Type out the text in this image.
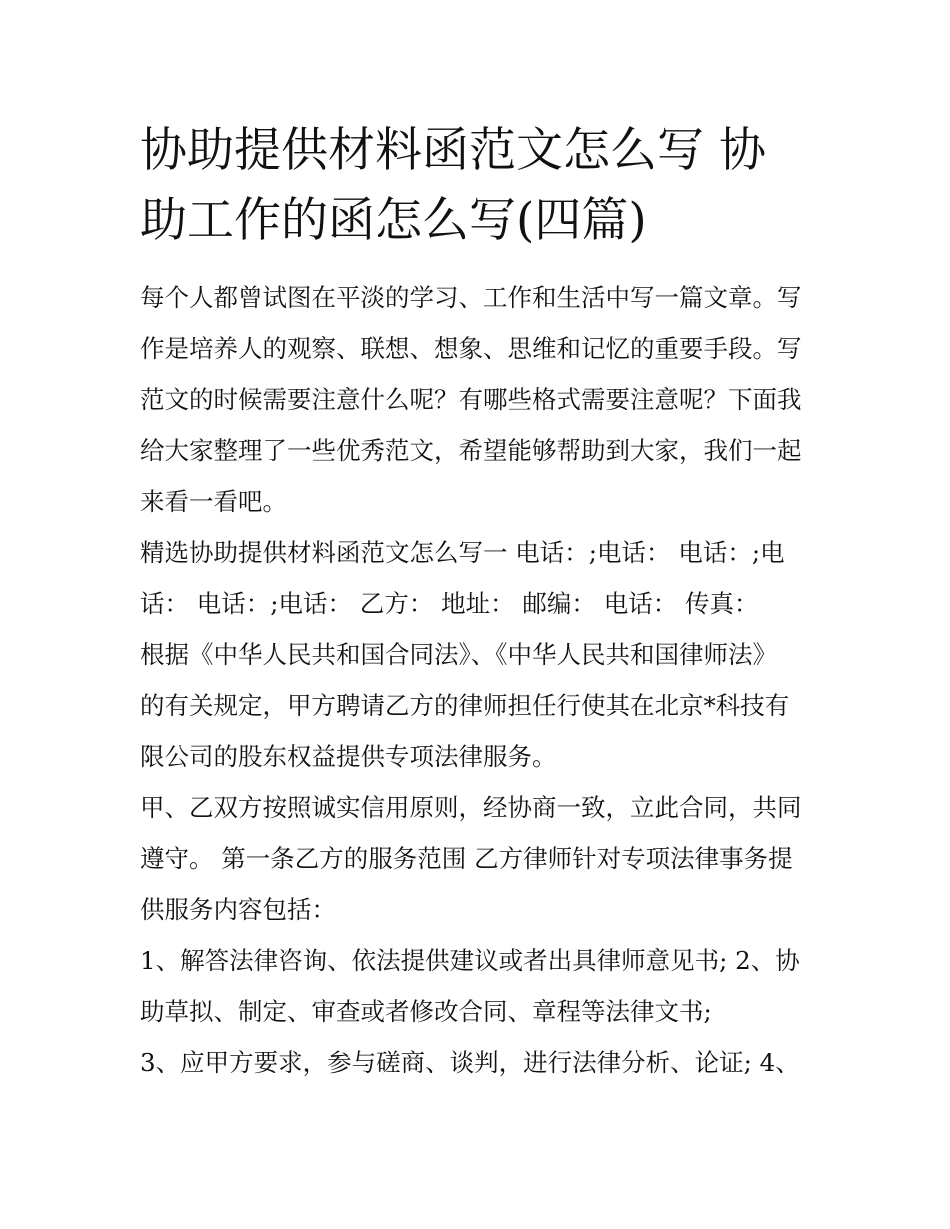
协助提供材料函范文怎么写 协
助工作的函怎么写(四篇)

每个人都曾试图在平淡的学习、工作和生活中写一篇文章。写
作是培养人的观察、联想、想象、思维和记忆的重要手段。写
范文的时候需要注意什么呢？有哪些格式需要注意呢？下面我
给大家整理了一些优秀范文，希望能够帮助到大家，我们一起
来看一看吧。

精选协助提供材料函范文怎么写一 电话：;电话： 电话：;电
话： 电话：;电话： 乙方： 地址： 邮编： 电话： 传真：

根据《中华人民共和国合同法》、《中华人民共和国律师法》
的有关规定，甲方聘请乙方的律师担任行使其在北京*科技有
限公司的股东权益提供专项法律服务。

甲、乙双方按照诚实信用原则，经协商一致，立此合同，共同
遵守。 第一条乙方的服务范围 乙方律师针对专项法律事务提
供服务内容包括：

1、解答法律咨询、依法提供建议或者出具律师意见书; 2、协
助草拟、制定、审查或者修改合同、章程等法律文书;

3、应甲方要求，参与磋商、谈判，进行法律分析、论证; 4、
